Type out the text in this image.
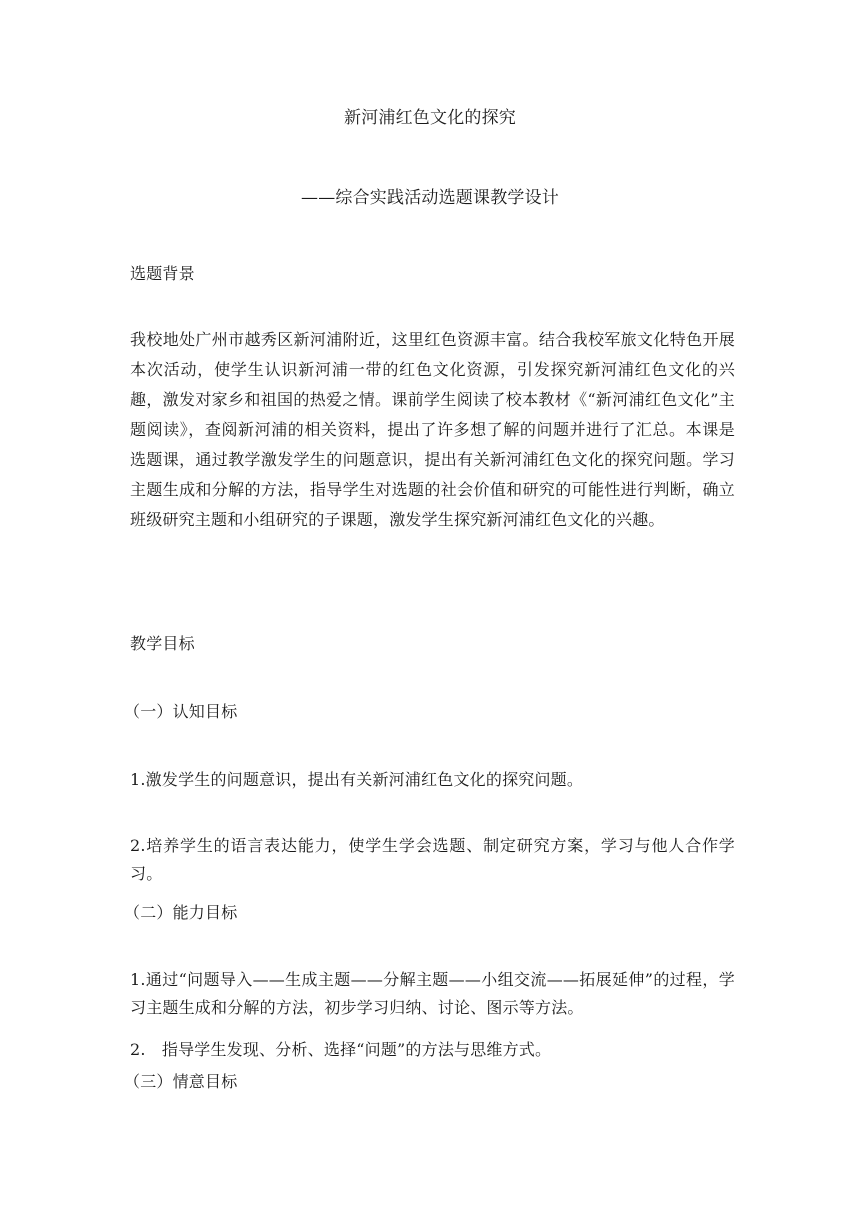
新河浦红色文化的探究
——综合实践活动选题课教学设计
选题背景
我校地处广州市越秀区新河浦附近，这里红色资源丰富。结合我校军旅文化特色开展本次活动，使学生认识新河浦一带的红色文化资源，引发探究新河浦红色文化的兴趣，激发对家乡和祖国的热爱之情。课前学生阅读了校本教材《“新河浦红色文化”主题阅读》，查阅新河浦的相关资料，提出了许多想了解的问题并进行了汇总。本课是选题课，通过教学激发学生的问题意识，提出有关新河浦红色文化的探究问题。学习主题生成和分解的方法，指导学生对选题的社会价值和研究的可能性进行判断，确立班级研究主题和小组研究的子课题，激发学生探究新河浦红色文化的兴趣。
教学目标
（一）认知目标
1.激发学生的问题意识，提出有关新河浦红色文化的探究问题。
2.培养学生的语言表达能力，使学生学会选题、制定研究方案，学习与他人合作学习。
（二）能力目标
1.通过“问题导入——生成主题——分解主题——小组交流——拓展延伸”的过程，学习主题生成和分解的方法，初步学习归纳、讨论、图示等方法。
2.　指导学生发现、分析、选择“问题”的方法与思维方式。
（三）情意目标
